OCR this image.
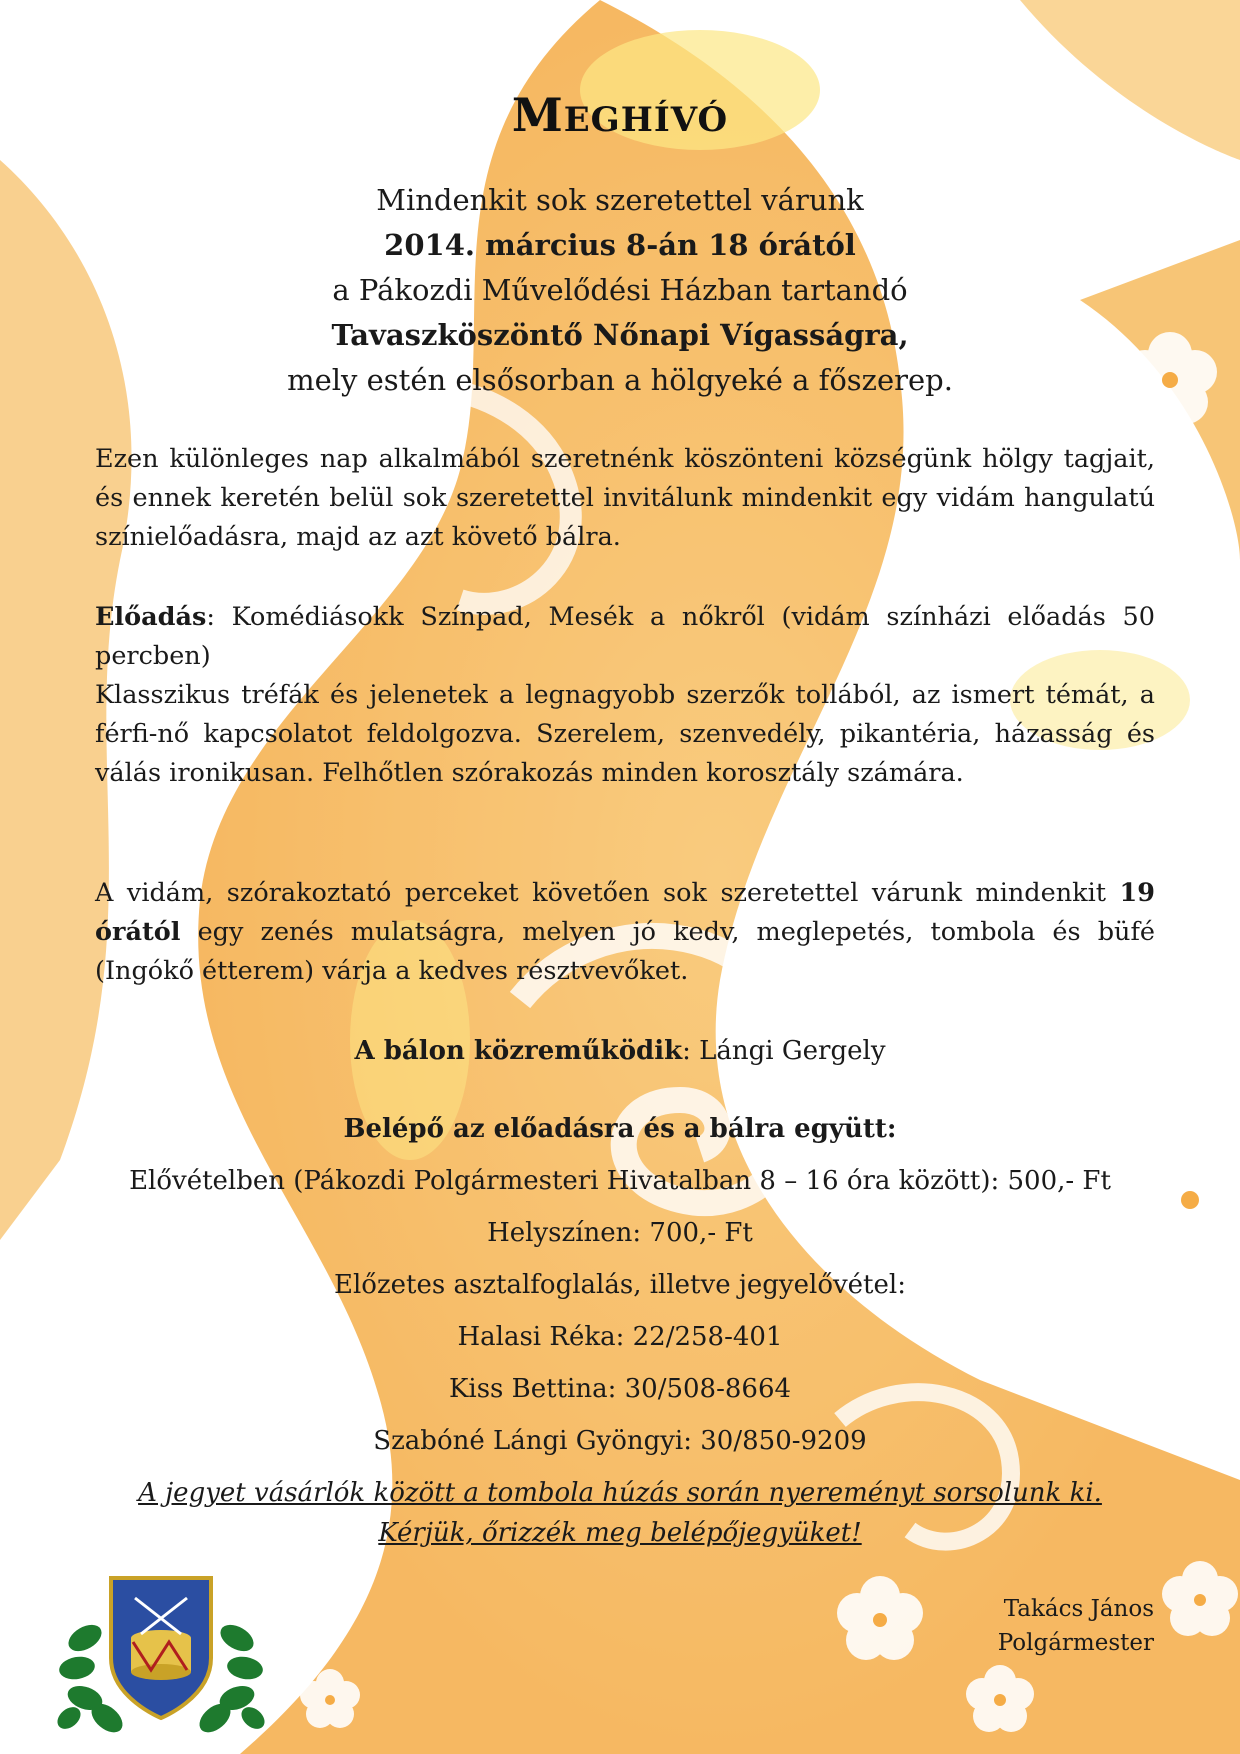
MEGHÍVÓ
Mindenkit sok szeretettel várunk
2014. március 8-án 18 órától
a Pákozdi Művelődési Házban tartandó
Tavaszköszöntő Nőnapi Vígasságra,
mely estén elsősorban a hölgyeké a főszerep.
Ezen különleges nap alkalmából szeretnénk köszönteni községünk hölgy tagjait, és ennek keretén belül sok szeretettel invitálunk mindenkit egy vidám hangulatú színielőadásra, majd az azt követő bálra.
Előadás: Komédiásokk Színpad, Mesék a nőkről (vidám színházi előadás 50 percben)
Klasszikus tréfák és jelenetek a legnagyobb szerzők tollából, az ismert témát, a férfi-nő kapcsolatot feldolgozva. Szerelem, szenvedély, pikantéria, házasság és válás ironikusan. Felhőtlen szórakozás minden korosztály számára.
A vidám, szórakoztató perceket követően sok szeretettel várunk mindenkit 19 órától egy zenés mulatságra, melyen jó kedv, meglepetés, tombola és büfé (Ingókő étterem) várja a kedves résztvevőket.
A bálon közreműködik: Lángi Gergely
Belépő az előadásra és a bálra együtt:
Elővételben (Pákozdi Polgármesteri Hivatalban 8 – 16 óra között): 500,- Ft
Helyszínen: 700,- Ft
Előzetes asztalfoglalás, illetve jegyelővétel:
Halasi Réka: 22/258-401
Kiss Bettina: 30/508-8664
Szabóné Lángi Gyöngyi: 30/850-9209
A jegyet vásárlók között a tombola húzás során nyereményt sorsolunk ki.
Kérjük, őrizzék meg belépőjegyüket!
Takács János
Polgármester
